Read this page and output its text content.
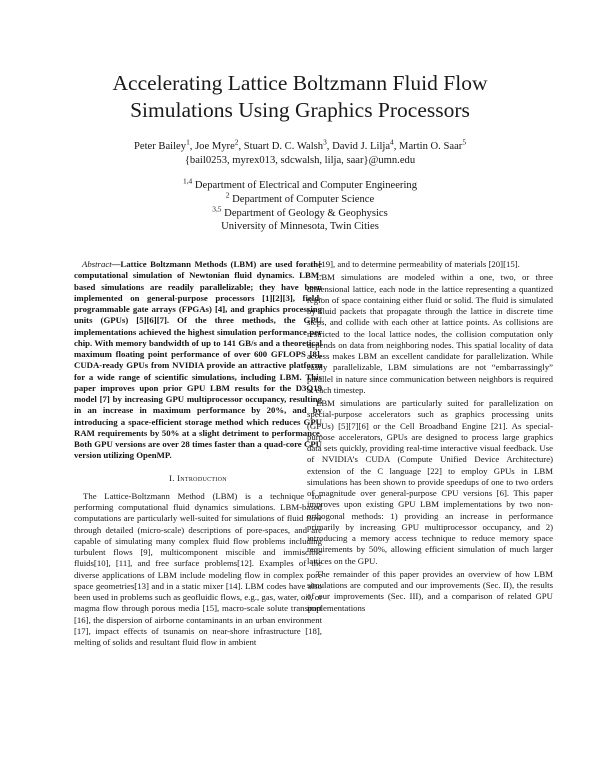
Accelerating Lattice Boltzmann Fluid Flow
Simulations Using Graphics Processors
Peter Bailey$^1$, Joe Myre$^2$, Stuart D. C. Walsh$^3$, David J. Lilja$^4$, Martin O. Saar$^5$
{bail0253, myrex013, sdcwalsh, lilja, saar}@umn.edu
$^{1,4}$ Department of Electrical and Computer Engineering
$^2$ Department of Computer Science
$^{3,5}$ Department of Geology & Geophysics
University of Minnesota, Twin Cities

Abstract—Lattice Boltzmann Methods (LBM) are used for the computational simulation of Newtonian fluid dynamics. LBM-based simulations are readily parallelizable; they have been implemented on general-purpose processors [1][2][3], field-programmable gate arrays (FPGAs) [4], and graphics processing units (GPUs) [5][6][7]. Of the three methods, the GPU implementations achieved the highest simulation performance per chip. With memory bandwidth of up to 141 GB/s and a theoretical maximum floating point performance of over 600 GFLOPS [8], CUDA-ready GPUs from NVIDIA provide an attractive platform for a wide range of scientific simulations, including LBM. This paper improves upon prior GPU LBM results for the D3Q19 model [7] by increasing GPU multiprocessor occupancy, resulting in an increase in maximum performance by 20%, and by introducing a space-efficient storage method which reduces GPU RAM requirements by 50% at a slight detriment to performance. Both GPU versions are over 28 times faster than a quad-core CPU version utilizing OpenMP.

I. Introduction

The Lattice-Boltzmann Method (LBM) is a technique for performing computational fluid dynamics simulations. LBM-based computations are particularly well-suited for simulations of fluid flow through detailed (micro-scale) descriptions of pore-spaces, and are capable of simulating many complex fluid flow problems including turbulent flows [9], multicomponent miscible and immiscible fluids[10], [11], and free surface problems[12]. Examples of the diverse applications of LBM include modeling flow in complex pore space geometries[13] and in a static mixer [14]. LBM codes have also been used in problems such as geofluidic flows, e.g., gas, water, oil, or magma flow through porous media [15], macro-scale solute transport [16], the dispersion of airborne contaminants in an urban environment [17], impact effects of tsunamis on near-shore infrastructure [18], melting of solids and resultant fluid flow in ambient

air [19], and to determine permeability of materials [20][15].

LBM simulations are modeled within a one, two, or three dimensional lattice, each node in the lattice representing a quantized region of space containing either fluid or solid. The fluid is simulated by fluid packets that propagate through the lattice in discrete time steps, and collide with each other at lattice points. As collisions are restricted to the local lattice nodes, the collision computation only depends on data from neighboring nodes. This spatial locality of data access makes LBM an excellent candidate for parallelization. While easily parallelizable, LBM simulations are not “embarrassingly” parallel in nature since communication between neighbors is required at each timestep.

LBM simulations are particularly suited for parallelization on special-purpose accelerators such as graphics processing units (GPUs) [5][7][6] or the Cell Broadband Engine [21]. As special-purpose accelerators, GPUs are designed to process large graphics data sets quickly, providing real-time interactive visual feedback. Use of NVIDIA’s CUDA (Compute Unified Device Architecture) extension of the C language [22] to employ GPUs in LBM simulations has been shown to provide speedups of one to two orders of magnitude over general-purpose CPU versions [6]. This paper improves upon existing GPU LBM implementations by two non-orthogonal methods: 1) providing an increase in performance primarily by increasing GPU multiprocessor occupancy, and 2) introducing a memory access technique to reduce memory space requirements by 50%, allowing efficient simulation of much larger lattices on the GPU.

The remainder of this paper provides an overview of how LBM simulations are computed and our improvements (Sec. II), the results of our improvements (Sec. III), and a comparison of related GPU implementations
